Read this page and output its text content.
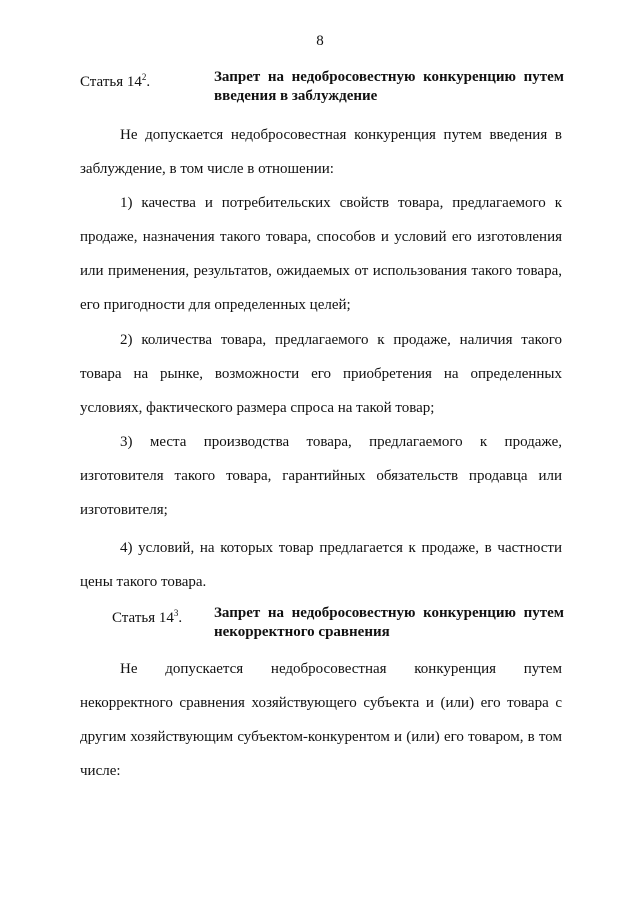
8
Статья $14^2$.	Запрет на недобросовестную конкуренцию путем введения в заблуждение

Не допускается недобросовестная конкуренция путем введения в заблуждение, в том числе в отношении:

1) качества и потребительских свойств товара, предлагаемого к продаже, назначения такого товара, способов и условий его изготовления или применения, результатов, ожидаемых от использования такого товара, его пригодности для определенных целей;

2) количества товара, предлагаемого к продаже, наличия такого товара на рынке, возможности его приобретения на определенных условиях, фактического размера спроса на такой товар;

3) места производства товара, предлагаемого к продаже, изготовителя такого товара, гарантийных обязательств продавца или изготовителя;

4) условий, на которых товар предлагается к продаже, в частности цены такого товара.

Статья $14^3$.	Запрет на недобросовестную конкуренцию путем некорректного сравнения

Не допускается недобросовестная конкуренция путем некорректного сравнения хозяйствующего субъекта и (или) его товара с другим хозяйствующим субъектом-конкурентом и (или) его товаром, в том числе:
